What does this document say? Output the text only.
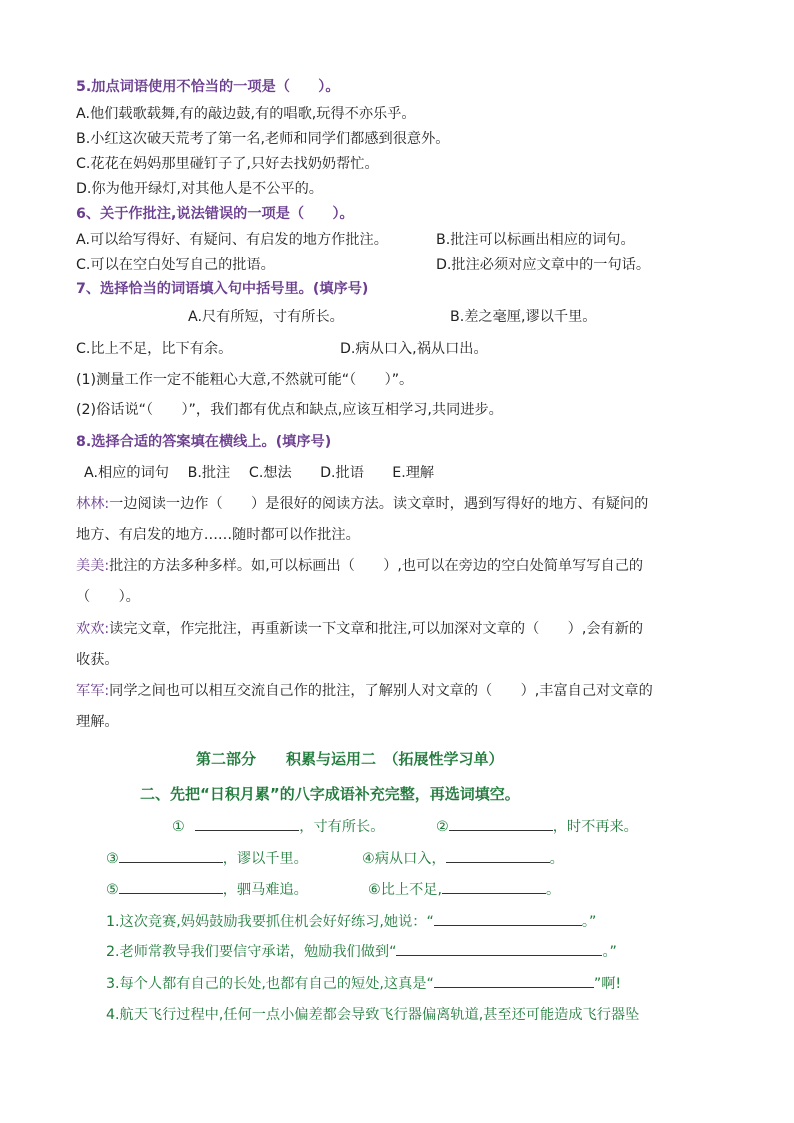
5.加点词语使用不恰当的一项是（　　）。
A.他们载歌载舞,有的敲边鼓,有的唱歌,玩得不亦乐乎。
B.小红这次破天荒考了第一名,老师和同学们都感到很意外。
C.花花在妈妈那里碰钉子了,只好去找奶奶帮忙。
D.你为他开绿灯,对其他人是不公平的。
6、关于作批注,说法错误的一项是（　　）。
A.可以给写得好、有疑问、有启发的地方作批注。	B.批注可以标画出相应的词句。
C.可以在空白处写自己的批语。	D.批注必须对应文章中的一句话。
7、选择恰当的词语填入句中括号里。(填序号)
A.尺有所短，寸有所长。	B.差之毫厘,谬以千里。
C.比上不足，比下有余。	D.病从口入,祸从口出。
(1)测量工作一定不能粗心大意,不然就可能“（　　）”。
(2)俗话说“（　　）”，我们都有优点和缺点,应该互相学习,共同进步。
8.选择合适的答案填在横线上。(填序号)
A.相应的词句　 B.批注　 C.想法　　D.批语　　E.理解
林林:一边阅读一边作（　　）是很好的阅读方法。读文章时，遇到写得好的地方、有疑问的
地方、有启发的地方……随时都可以作批注。
美美:批注的方法多种多样。如,可以标画出（　　）,也可以在旁边的空白处简单写写自己的
（　　）。
欢欢:读完文章，作完批注，再重新读一下文章和批注,可以加深对文章的（　　）,会有新的
收获。
军军:同学之间也可以相互交流自己作的批注，了解别人对文章的（　　）,丰富自己对文章的
理解。
第二部分　　积累与运用二　（拓展性学习单）
二、先把“日积月累”的八字成语补充完整，再选词填空。
①	，寸有所长。	②	，时不再来。
③	，谬以千里。	④病从口入，	。
⑤	，驷马难追。	⑥比上不足,	。
1.这次竞赛,妈妈鼓励我要抓住机会好好练习,她说：“	。”
2.老师常教导我们要信守承诺，勉励我们做到“	。”
3.每个人都有自己的长处,也都有自己的短处,这真是“	”啊!
4.航天飞行过程中,任何一点小偏差都会导致飞行器偏离轨道,甚至还可能造成飞行器坠
